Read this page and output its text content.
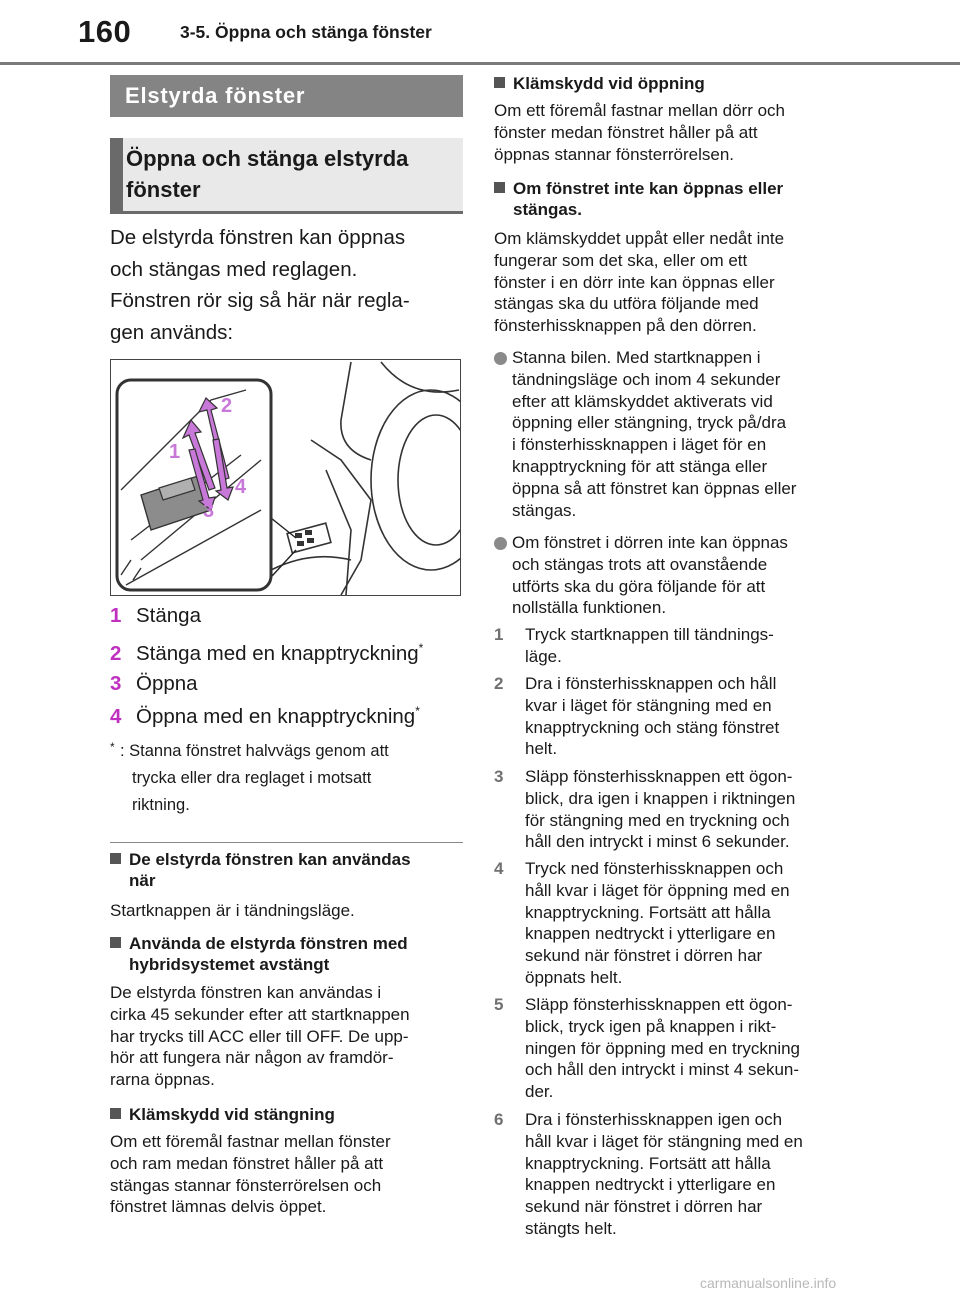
160	3-5. Öppna och stänga fönster
Elstyrda fönster
Öppna och stänga elstyrda
fönster
De elstyrda fönstren kan öppnas
och stängas med reglagen.
Fönstren rör sig så här när regla-
gen används:
2
1
4
3
1 Stänga
2 Stänga med en knapptryckning*
3 Öppna
4 Öppna med en knapptryckning*
* : Stanna fönstret halvvägs genom att
trycka eller dra reglaget i motsatt
riktning.
De elstyrda fönstren kan användas
när
Startknappen är i tändningsläge.
Använda de elstyrda fönstren med
hybridsystemet avstängt
De elstyrda fönstren kan användas i
cirka 45 sekunder efter att startknappen
har trycks till ACC eller till OFF. De upp-
hör att fungera när någon av framdör-
rarna öppnas.
Klämskydd vid stängning
Om ett föremål fastnar mellan fönster
och ram medan fönstret håller på att
stängas stannar fönsterrörelsen och
fönstret lämnas delvis öppet.
Klämskydd vid öppning
Om ett föremål fastnar mellan dörr och
fönster medan fönstret håller på att
öppnas stannar fönsterrörelsen.
Om fönstret inte kan öppnas eller
stängas.
Om klämskyddet uppåt eller nedåt inte
fungerar som det ska, eller om ett
fönster i en dörr inte kan öppnas eller
stängas ska du utföra följande med
fönsterhissknappen på den dörren.
Stanna bilen. Med startknappen i
tändningsläge och inom 4 sekunder
efter att klämskyddet aktiverats vid
öppning eller stängning, tryck på/dra
i fönsterhissknappen i läget för en
knapptryckning för att stänga eller
öppna så att fönstret kan öppnas eller
stängas.
Om fönstret i dörren inte kan öppnas
och stängas trots att ovanstående
utförts ska du göra följande för att
nollställa funktionen.
1 Tryck startknappen till tändnings-
läge.
2 Dra i fönsterhissknappen och håll
kvar i läget för stängning med en
knapptryckning och stäng fönstret
helt.
3 Släpp fönsterhissknappen ett ögon-
blick, dra igen i knappen i riktningen
för stängning med en tryckning och
håll den intryckt i minst 6 sekunder.
4 Tryck ned fönsterhissknappen och
håll kvar i läget för öppning med en
knapptryckning. Fortsätt att hålla
knappen nedtryckt i ytterligare en
sekund när fönstret i dörren har
öppnats helt.
5 Släpp fönsterhissknappen ett ögon-
blick, tryck igen på knappen i rikt-
ningen för öppning med en tryckning
och håll den intryckt i minst 4 sekun-
der.
6 Dra i fönsterhissknappen igen och
håll kvar i läget för stängning med en
knapptryckning. Fortsätt att hålla
knappen nedtryckt i ytterligare en
sekund när fönstret i dörren har
stängts helt.
carmanualsonline.info
